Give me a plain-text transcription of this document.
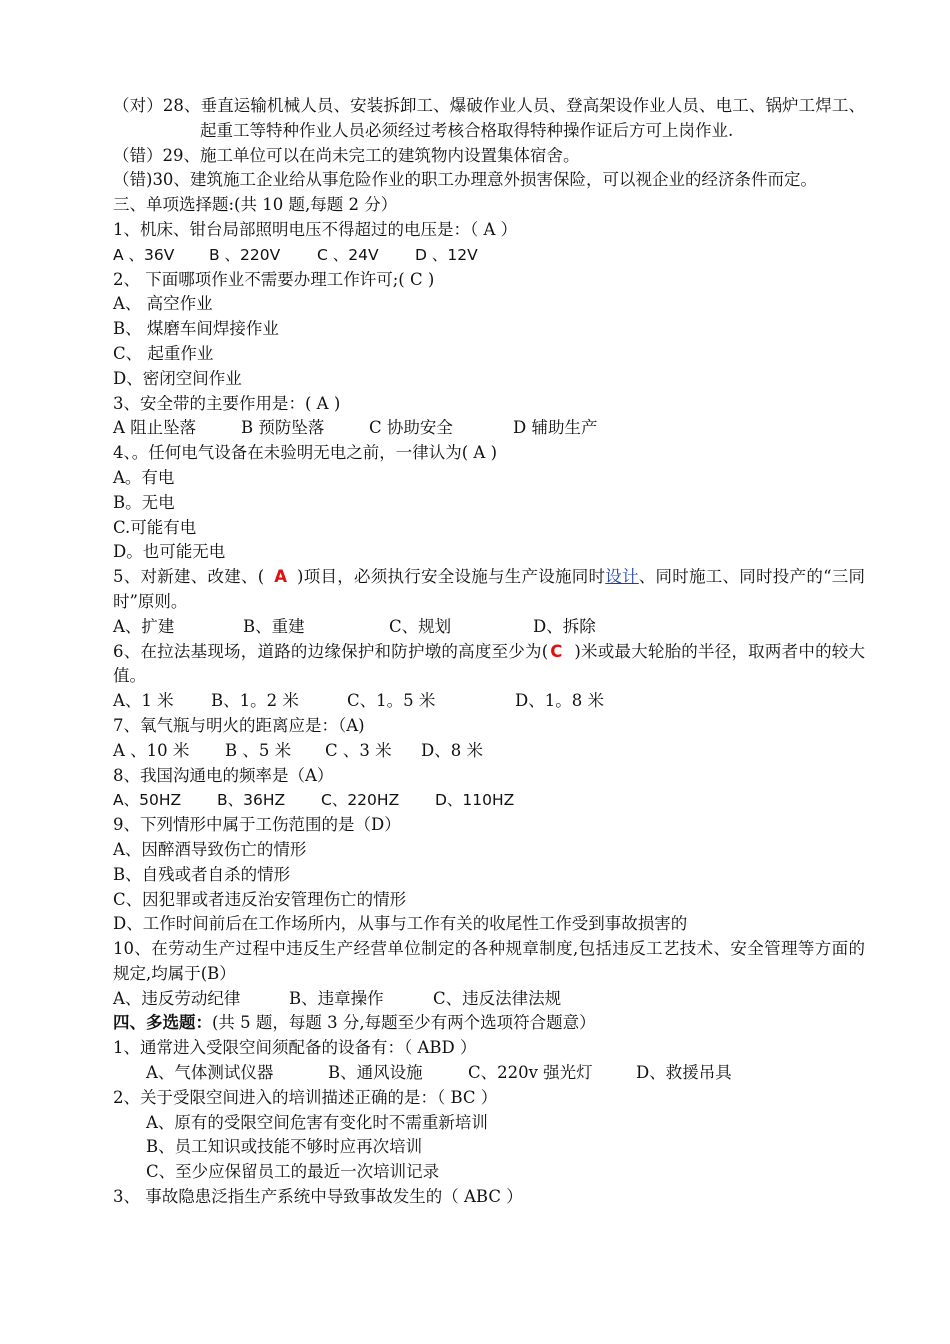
（对）28、垂直运输机械人员、安装拆卸工、爆破作业人员、登高架设作业人员、电工、锅炉工焊工、起重工等特种作业人员必须经过考核合格取得特种操作证后方可上岗作业.
（错）29、施工单位可以在尚未完工的建筑物内设置集体宿舍。
（错)30、建筑施工企业给从事危险作业的职工办理意外损害保险，可以视企业的经济条件而定。
三、单项选择题:(共 10 题,每题 2 分）
1、机床、钳台局部照明电压不得超过的电压是：（ A ）
A 、36V B 、220V C 、24V D 、12V
2、 下面哪项作业不需要办理工作许可;( C )
A、 高空作业
B、 煤磨车间焊接作业
C、 起重作业
D、密闭空间作业
3、安全带的主要作用是：( A )
A 阻止坠落	B 预防坠落	C 协助安全	D 辅助生产
4、。任何电气设备在未验明无电之前，一律认为( A )
A。有电
B。无电
C.可能有电
D。也可能无电
5、对新建、改建、( A )项目，必须执行安全设施与生产设施同时设计、同时施工、同时投产的“三同时”原则。
A、扩建	B、重建	C、规划	D、拆除
6、在拉法基现场，道路的边缘保护和防护墩的高度至少为( C )米或最大轮胎的半径，取两者中的较大值。
A、1 米 B、1。2 米	C、1。5 米	D、1。8 米
7、氧气瓶与明火的距离应是：（A)
A 、10 米 B 、5 米 C 、3 米 D、8 米
8、我国沟通电的频率是（A）
A、50HZ B、36HZ C、220HZ D、110HZ
9、下列情形中属于工伤范围的是（D）
A、因醉酒导致伤亡的情形
B、自残或者自杀的情形
C、因犯罪或者违反治安管理伤亡的情形
D、工作时间前后在工作场所内，从事与工作有关的收尾性工作受到事故损害的
10、在劳动生产过程中违反生产经营单位制定的各种规章制度,包括违反工艺技术、安全管理等方面的规定,均属于(B）
A、违反劳动纪律	B、违章操作	C、违反法律法规
四、多选题：(共 5 题，每题 3 分,每题至少有两个选项符合题意）
1、通常进入受限空间须配备的设备有：（ ABD ）
A、气体测试仪器	B、通风设施	C、220v 强光灯	D、救援吊具
2、关于受限空间进入的培训描述正确的是：（ BC ）
A、原有的受限空间危害有变化时不需重新培训
B、员工知识或技能不够时应再次培训
C、至少应保留员工的最近一次培训记录
3、 事故隐患泛指生产系统中导致事故发生的（ ABC ）
